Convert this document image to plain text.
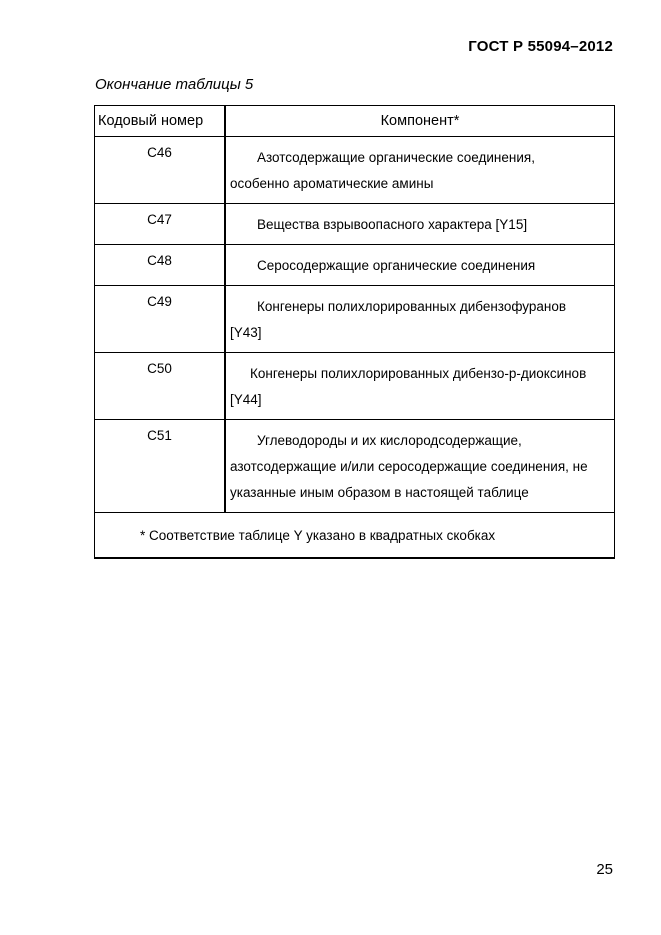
ГОСТ Р 55094–2012
Окончание таблицы 5
Кодовый номер	Компонент*
С46	Азотсодержащие органические соединения,
особенно ароматические амины

С47	Вещества взрывоопасного характера [Y15]

С48	Серосодержащие органические соединения

С49	Конгенеры полихлорированных дибензофуранов
[Y43]

С50	Конгенеры полихлорированных дибензо-р-диоксинов
[Y44]

С51	Углеводороды и их кислородсодержащие,
азотсодержащие и/или серосодержащие соединения, не
указанные иным образом в настоящей таблице

* Соответствие таблице Y указано в квадратных скобках	
25
